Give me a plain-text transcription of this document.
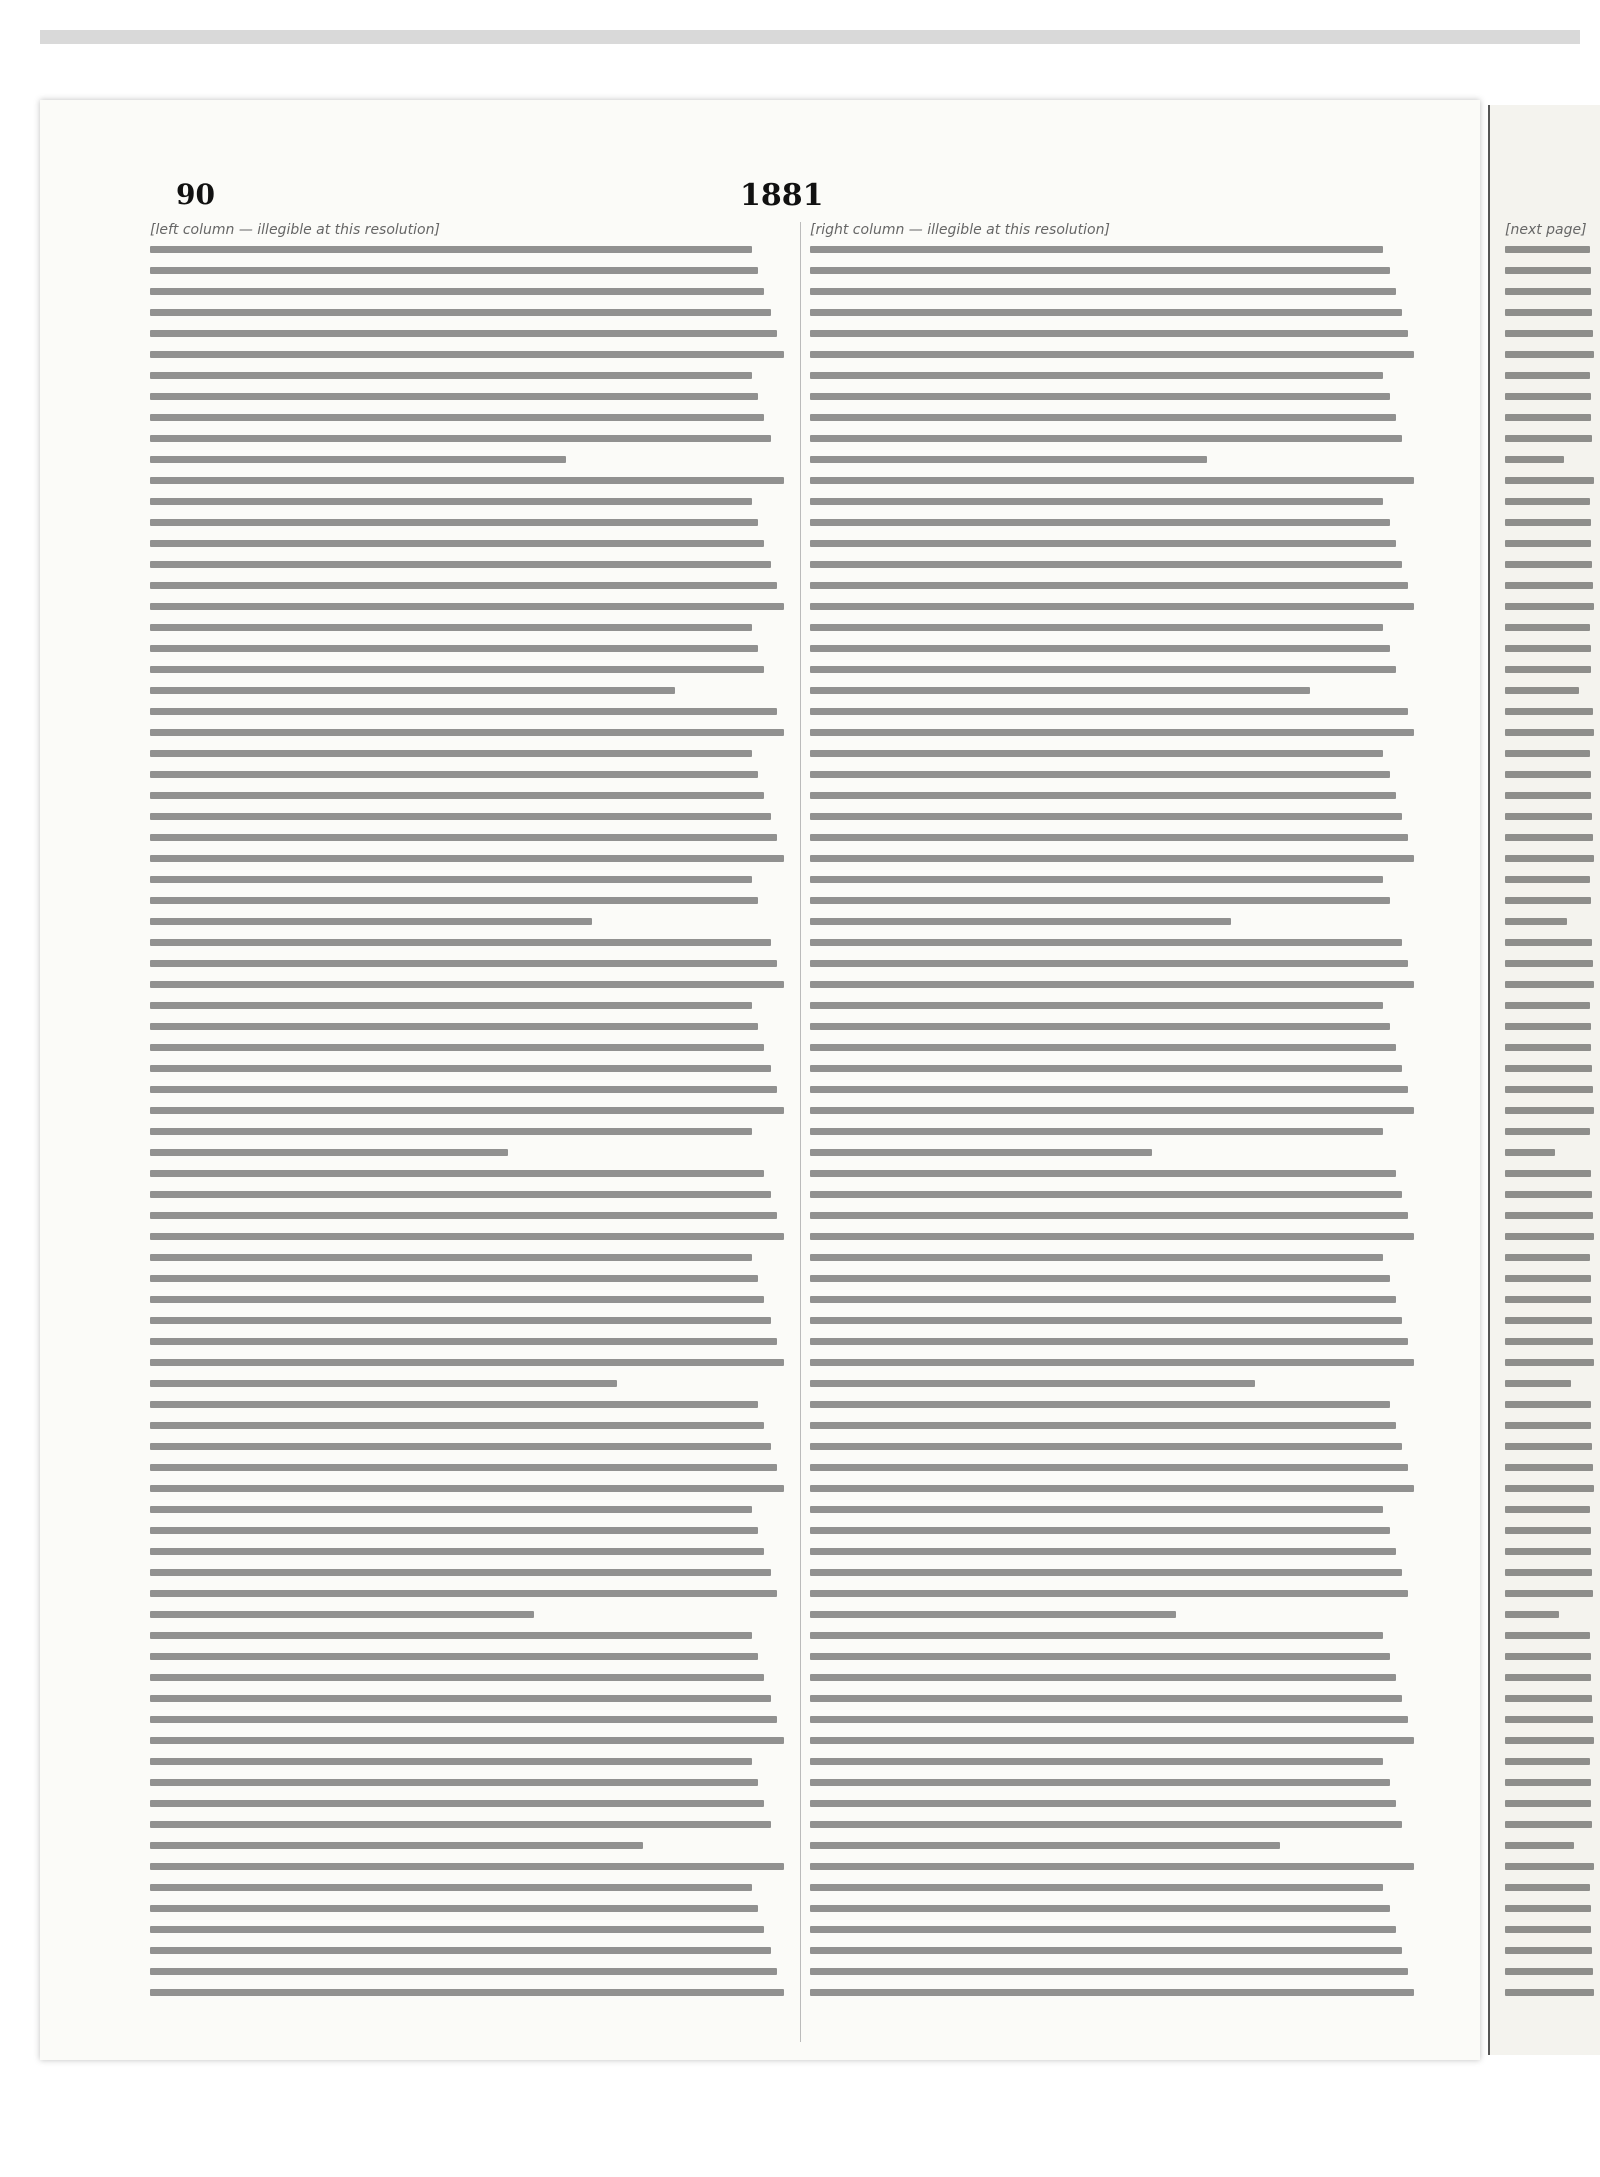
90	1881
[left column — illegible at this resolution]	[right column — illegible at this resolution]	[next page]
